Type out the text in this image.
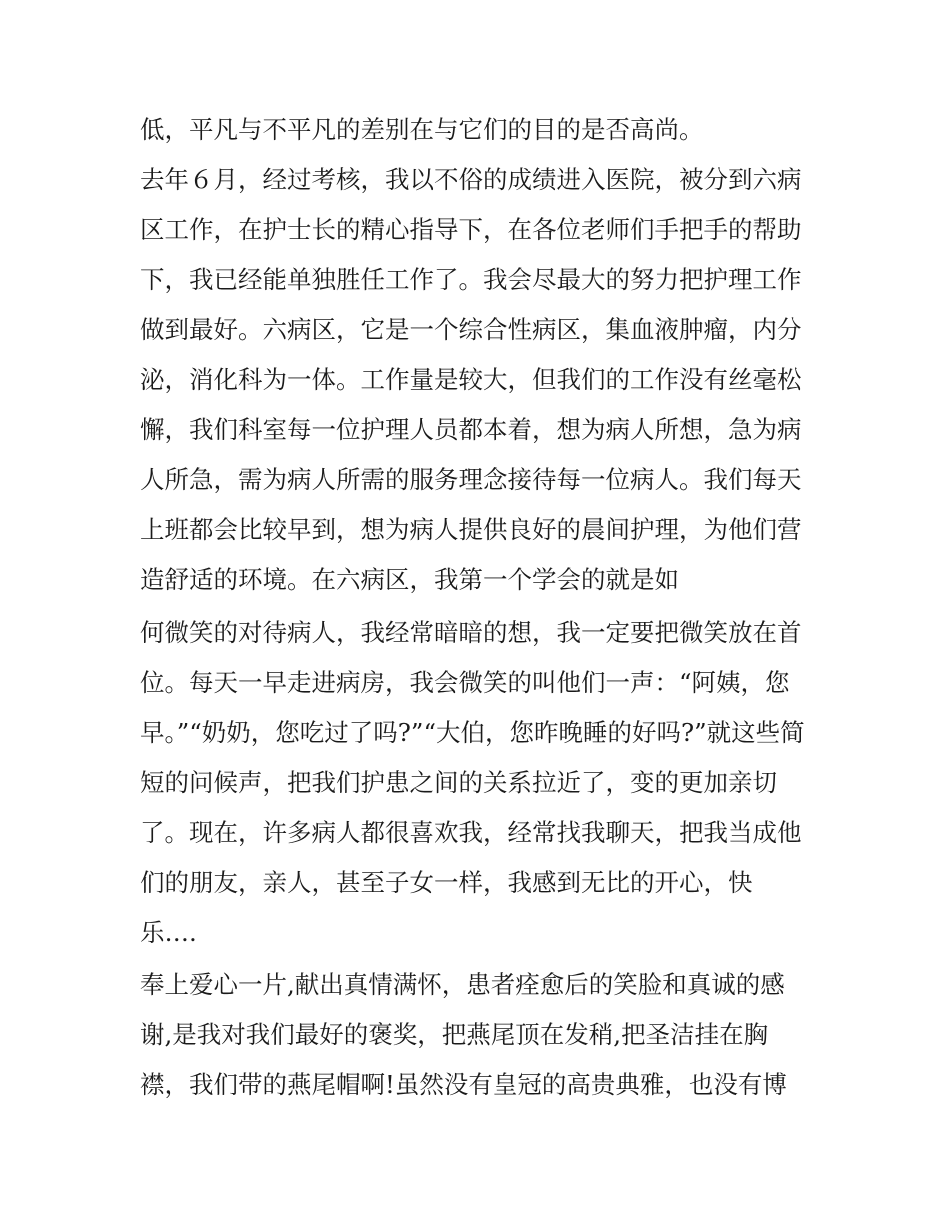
低，平凡与不平凡的差别在与它们的目的是否高尚。
去年６月，经过考核，我以不俗的成绩进入医院，被分到六病
区工作，在护士长的精心指导下，在各位老师们手把手的帮助
下，我已经能单独胜任工作了。我会尽最大的努力把护理工作
做到最好。六病区，它是一个综合性病区，集血液肿瘤，内分
泌，消化科为一体。工作量是较大，但我们的工作没有丝毫松
懈，我们科室每一位护理人员都本着，想为病人所想，急为病
人所急，需为病人所需的服务理念接待每一位病人。我们每天
上班都会比较早到，想为病人提供良好的晨间护理，为他们营
造舒适的环境。在六病区，我第一个学会的就是如
何微笑的对待病人，我经常暗暗的想，我一定要把微笑放在首
位。每天一早走进病房，我会微笑的叫他们一声：“阿姨，您
早。”“奶奶，您吃过了吗?”“大伯，您昨晚睡的好吗?”就这些简
短的问候声，把我们护患之间的关系拉近了，变的更加亲切
了。现在，许多病人都很喜欢我，经常找我聊天，把我当成他
们的朋友，亲人，甚至子女一样，我感到无比的开心，快
乐….
奉上爱心一片,献出真情满怀，患者痊愈后的笑脸和真诚的感
谢,是我对我们最好的褒奖，把燕尾顶在发稍,把圣洁挂在胸
襟，我们带的燕尾帽啊!虽然没有皇冠的高贵典雅，也没有博
